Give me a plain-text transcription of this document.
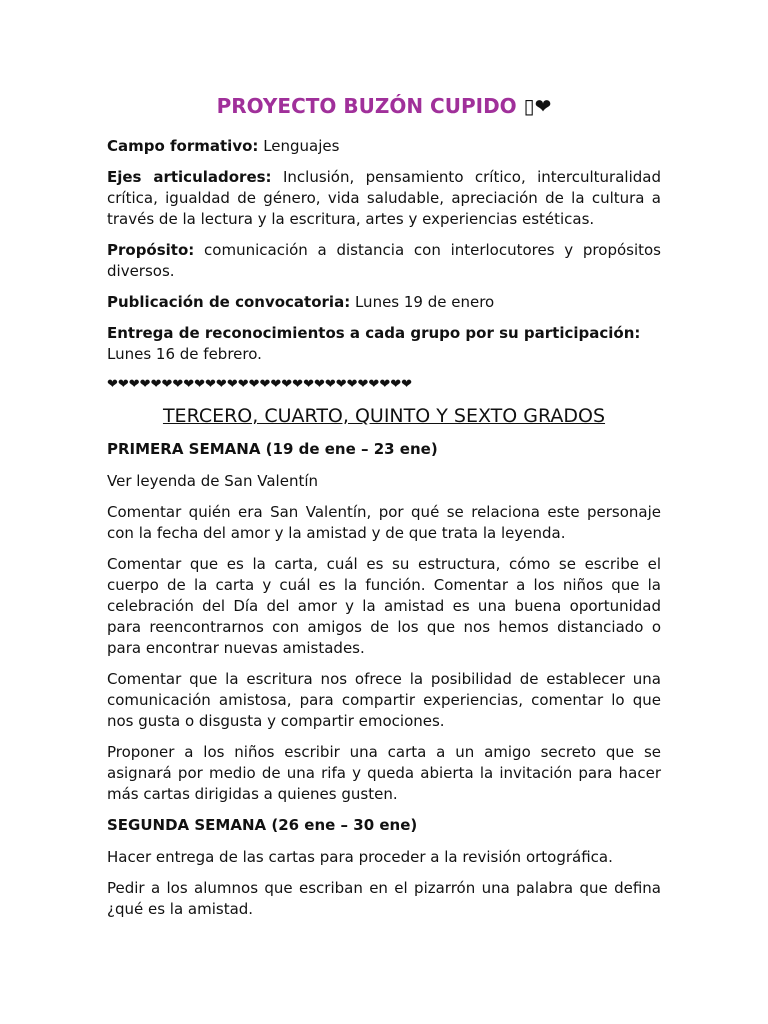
PROYECTO BUZÓN CUPIDO ▯❤

Campo formativo: Lenguajes

Ejes articuladores: Inclusión, pensamiento crítico, interculturalidad crítica, igualdad de género, vida saludable, apreciación de la cultura a través de la lectura y la escritura, artes y experiencias estéticas.

Propósito: comunicación a distancia con interlocutores y propósitos diversos.

Publicación de convocatoria: Lunes 19 de enero

Entrega de reconocimientos a cada grupo por su participación:
Lunes 16 de febrero.

❤❤❤❤❤❤❤❤❤❤❤❤❤❤❤❤❤❤❤❤❤❤❤❤❤❤❤❤
TERCERO, CUARTO, QUINTO Y SEXTO GRADOS
PRIMERA SEMANA (19 de ene – 23 ene)

Ver leyenda de San Valentín

Comentar quién era San Valentín, por qué se relaciona este personaje con la fecha del amor y la amistad y de que trata la leyenda.

Comentar que es la carta, cuál es su estructura, cómo se escribe el cuerpo de la carta y cuál es la función. Comentar a los niños que la celebración del Día del amor y la amistad es una buena oportunidad para reencontrarnos con amigos de los que nos hemos distanciado o para encontrar nuevas amistades.

Comentar que la escritura nos ofrece la posibilidad de establecer una comunicación amistosa, para compartir experiencias, comentar lo que nos gusta o disgusta y compartir emociones.

Proponer a los niños escribir una carta a un amigo secreto que se asignará por medio de una rifa y queda abierta la invitación para hacer más cartas dirigidas a quienes gusten.

SEGUNDA SEMANA (26 ene – 30 ene)

Hacer entrega de las cartas para proceder a la revisión ortográfica.

Pedir a los alumnos que escriban en el pizarrón una palabra que defina ¿qué es la amistad.
